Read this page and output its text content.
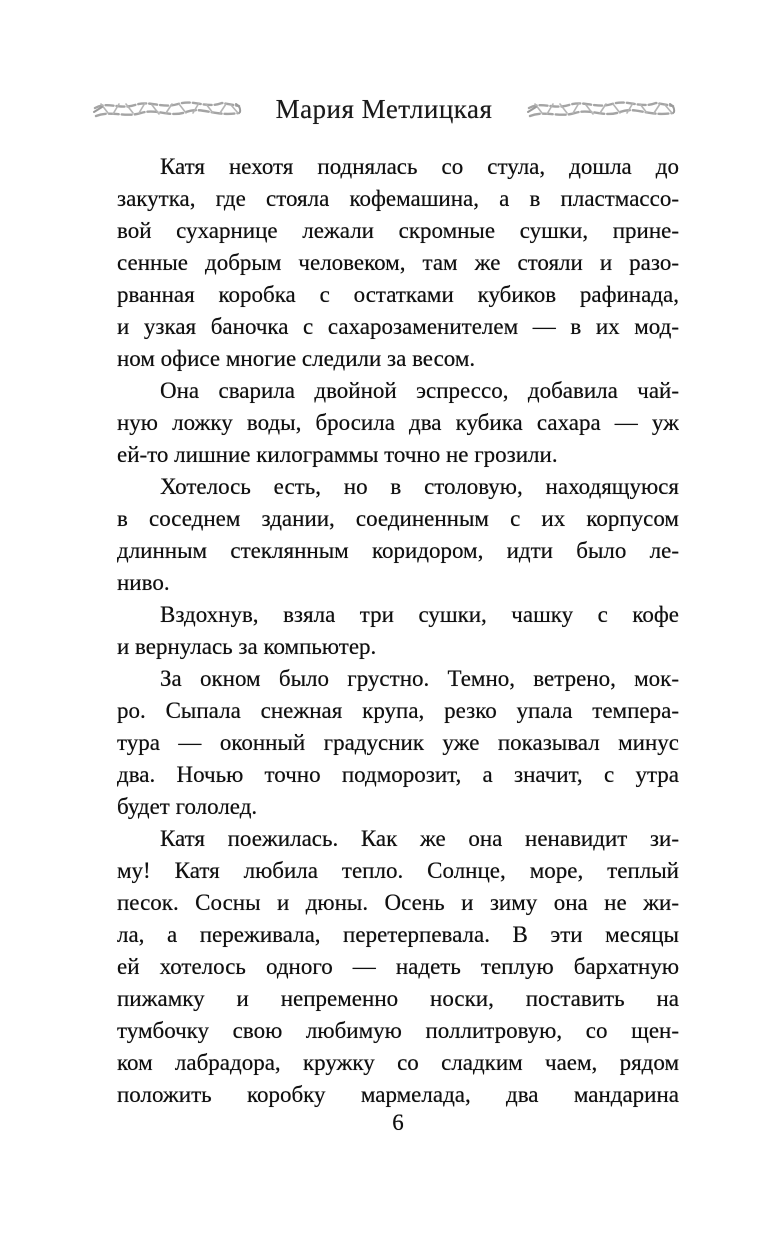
Мария Метлицкая
Катя нехотя поднялась со стула, дошла до
закутка, где стояла кофемашина, а в пластмассо-
вой сухарнице лежали скромные сушки, прине-
сенные добрым человеком, там же стояли и разо-
рванная коробка с остатками кубиков рафинада,
и узкая баночка с сахарозаменителем — в их мод-
ном офисе многие следили за весом.
Она сварила двойной эспрессо, добавила чай-
ную ложку воды, бросила два кубика сахара — уж
ей-то лишние килограммы точно не грозили.
Хотелось есть, но в столовую, находящуюся
в соседнем здании, соединенным с их корпусом
длинным стеклянным коридором, идти было ле-
ниво.
Вздохнув, взяла три сушки, чашку с кофе
и вернулась за компьютер.
За окном было грустно. Темно, ветрено, мок-
ро. Сыпала снежная крупа, резко упала темпера-
тура — оконный градусник уже показывал минус
два. Ночью точно подморозит, а значит, с утра
будет гололед.
Катя поежилась. Как же она ненавидит зи-
му! Катя любила тепло. Солнце, море, теплый
песок. Сосны и дюны. Осень и зиму она не жи-
ла, а переживала, перетерпевала. В эти месяцы
ей хотелось одного — надеть теплую бархатную
пижамку и непременно носки, поставить на
тумбочку свою любимую поллитровую, со щен-
ком лабрадора, кружку со сладким чаем, рядом
положить коробку мармелада, два мандарина
6
